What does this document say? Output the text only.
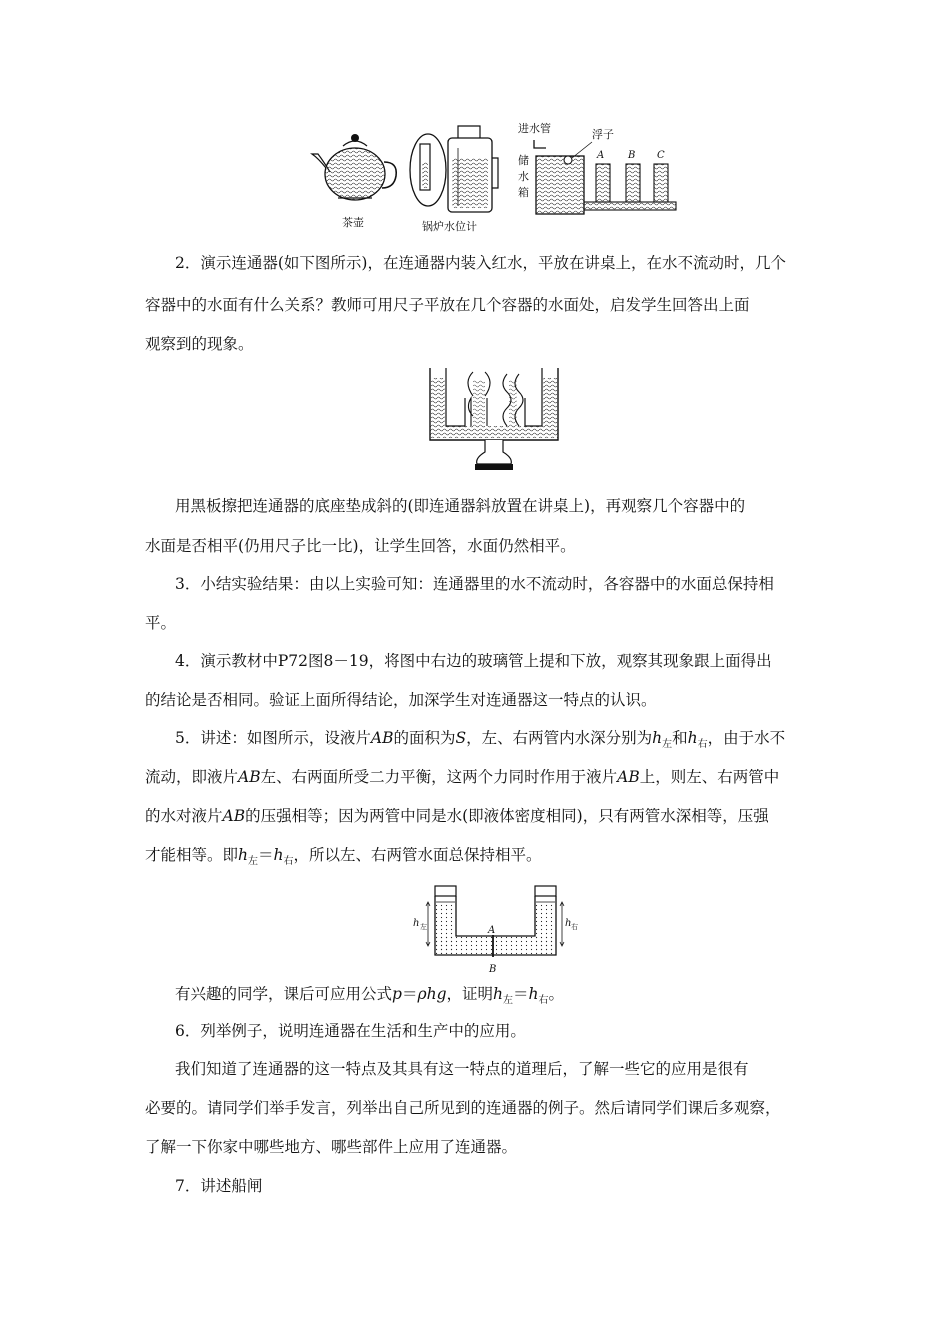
茶壶	锅炉水位计
进水管	浮子
储
水
箱
A B C

2．演示连通器(如下图所示)，在连通器内装入红水，平放在讲桌上，在水不流动时，几个

容器中的水面有什么关系？教师可用尺子平放在几个容器的水面处，启发学生回答出上面

观察到的现象。

用黑板擦把连通器的底座垫成斜的(即连通器斜放置在讲桌上)，再观察几个容器中的

水面是否相平(仍用尺子比一比)，让学生回答，水面仍然相平。

3．小结实验结果：由以上实验可知：连通器里的水不流动时，各容器中的水面总保持相

平。

4．演示教材中P72图8－19，将图中右边的玻璃管上提和下放，观察其现象跟上面得出

的结论是否相同。验证上面所得结论，加深学生对连通器这一特点的认识。

5．讲述：如图所示，设液片AB的面积为S，左、右两管内水深分别为$h_左$和$h_右$，由于水不

流动，即液片AB左、右两面所受二力平衡，这两个力同时作用于液片AB上，则左、右两管中

的水对液片AB的压强相等；因为两管中同是水(即液体密度相同)，只有两管水深相等，压强

才能相等。即$h_左=h_右$，所以左、右两管水面总保持相平。

h 左	h 右
A
B

有兴趣的同学，课后可应用公式p＝ρhg，证明$h_左=h_右$。

6．列举例子，说明连通器在生活和生产中的应用。

我们知道了连通器的这一特点及其具有这一特点的道理后，了解一些它的应用是很有

必要的。请同学们举手发言，列举出自己所见到的连通器的例子。然后请同学们课后多观察，

了解一下你家中哪些地方、哪些部件上应用了连通器。

7．讲述船闸
